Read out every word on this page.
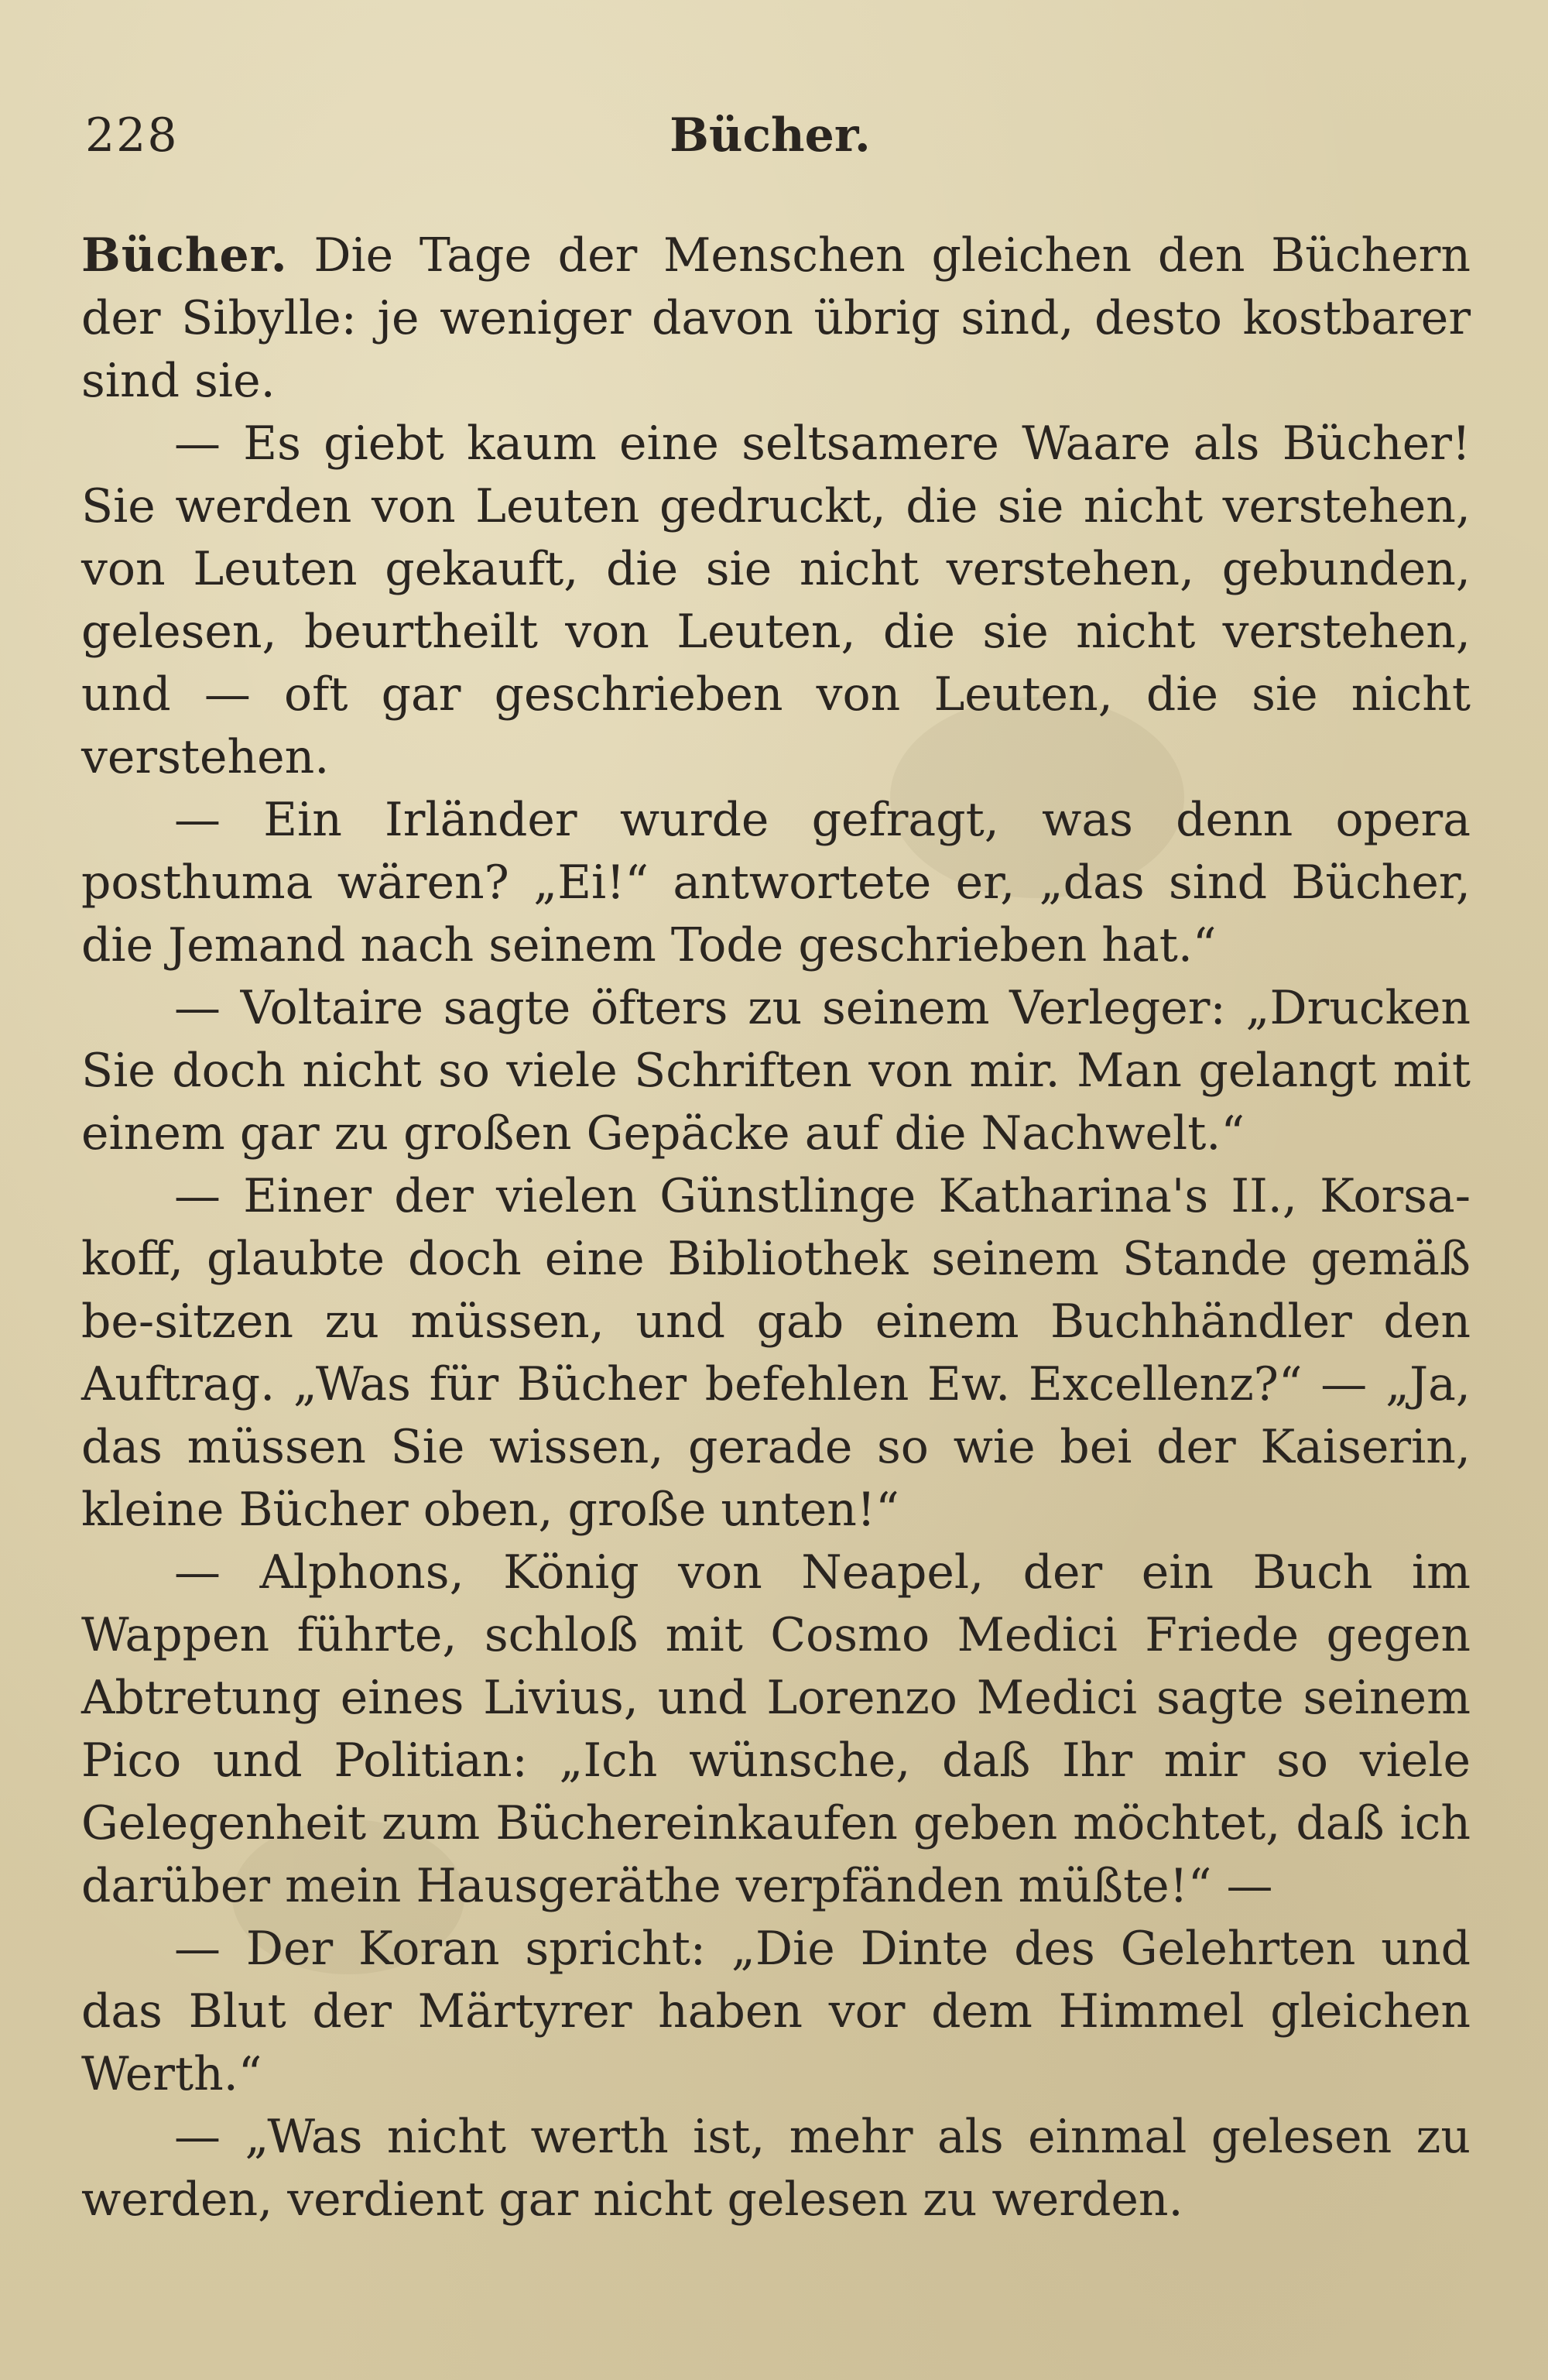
228	Bücher.

Bücher. Die Tage der Menschen gleichen den Büchern der Sibylle: je weniger davon übrig sind, desto kostbarer sind sie.

— Es giebt kaum eine seltsamere Waare als Bücher! Sie werden von Leuten gedruckt, die sie nicht verstehen, von Leuten gekauft, die sie nicht verstehen, gebunden, gelesen, beurtheilt von Leuten, die sie nicht verstehen, und — oft gar geschrieben von Leuten, die sie nicht verstehen.

— Ein Irländer wurde gefragt, was denn opera posthuma wären? „Ei!“ antwortete er, „das sind Bücher, die Jemand nach seinem Tode geschrieben hat.“

— Voltaire sagte öfters zu seinem Verleger: „Drucken Sie doch nicht so viele Schriften von mir. Man gelangt mit einem gar zu großen Gepäcke auf die Nachwelt.“

— Einer der vielen Günstlinge Katharina's II., Korsa-koff, glaubte doch eine Bibliothek seinem Stande gemäß be-sitzen zu müssen, und gab einem Buchhändler den Auftrag. „Was für Bücher befehlen Ew. Excellenz?“ — „Ja, das müssen Sie wissen, gerade so wie bei der Kaiserin, kleine Bücher oben, große unten!“

— Alphons, König von Neapel, der ein Buch im Wappen führte, schloß mit Cosmo Medici Friede gegen Abtretung eines Livius, und Lorenzo Medici sagte seinem Pico und Politian: „Ich wünsche, daß Ihr mir so viele Gelegenheit zum Büchereinkaufen geben möchtet, daß ich darüber mein Hausgeräthe verpfänden müßte!“ —

— Der Koran spricht: „Die Dinte des Gelehrten und das Blut der Märtyrer haben vor dem Himmel gleichen Werth.“

— „Was nicht werth ist, mehr als einmal gelesen zu werden, verdient gar nicht gelesen zu werden.
